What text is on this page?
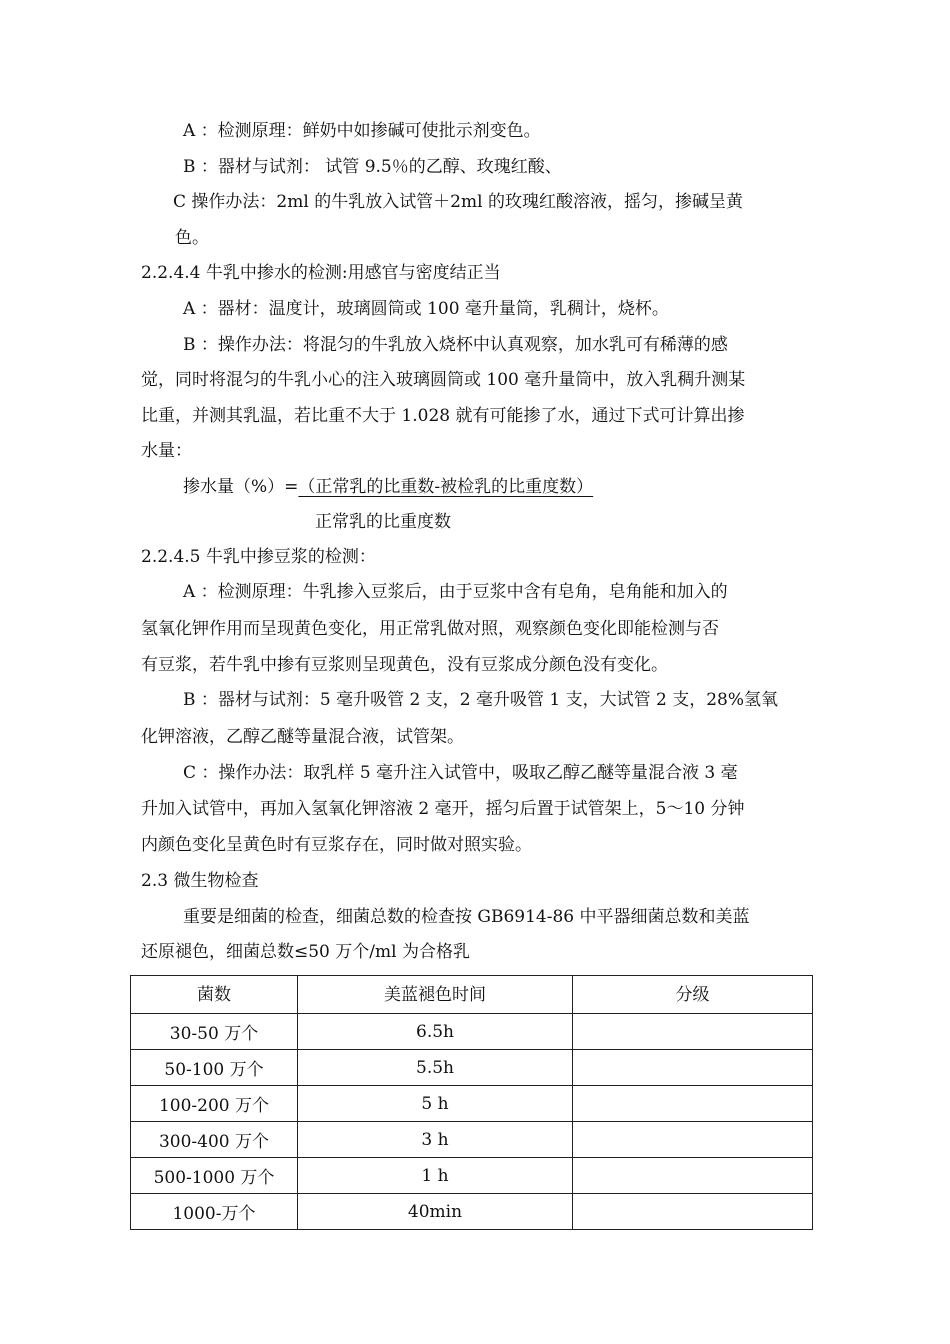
A ：检测原理：鲜奶中如掺碱可使批示剂变色。
B ：器材与试剂： 试管 9.5％的乙醇、玫瑰红酸、
C 操作办法：2ml 的牛乳放入试管＋2ml 的玫瑰红酸溶液，摇匀，掺碱呈黄
色。
2.2.4.4 牛乳中掺水的检测:用感官与密度结正当
A ：器材：温度计，玻璃圆筒或 100 毫升量筒，乳稠计，烧杯。
B ：操作办法：将混匀的牛乳放入烧杯中认真观察，加水乳可有稀薄的感
觉，同时将混匀的牛乳小心的注入玻璃圆筒或 100 毫升量筒中，放入乳稠升测某
比重，并测其乳温，若比重不大于 1.028 就有可能掺了水，通过下式可计算出掺
水量：
掺水量（%）=（正常乳的比重数-被检乳的比重度数）
正常乳的比重度数
2.2.4.5 牛乳中掺豆浆的检测：
A ：检测原理：牛乳掺入豆浆后，由于豆浆中含有皂角，皂角能和加入的
氢氧化钾作用而呈现黄色变化，用正常乳做对照，观察颜色变化即能检测与否
有豆浆，若牛乳中掺有豆浆则呈现黄色，没有豆浆成分颜色没有变化。
B ：器材与试剂：5 毫升吸管 2 支，2 毫升吸管 1 支，大试管 2 支，28%氢氧
化钾溶液，乙醇乙醚等量混合液，试管架。
C ：操作办法：取乳样 5 毫升注入试管中，吸取乙醇乙醚等量混合液 3 毫
升加入试管中，再加入氢氧化钾溶液 2 毫开，摇匀后置于试管架上，5～10 分钟
内颜色变化呈黄色时有豆浆存在，同时做对照实验。
2.3 微生物检查
重要是细菌的检查，细菌总数的检查按 GB6914-86 中平器细菌总数和美蓝
还原褪色，细菌总数≤50 万个/ml 为合格乳
菌数	美蓝褪色时间	分级
30-50 万个	6.5h	
50-100 万个	5.5h	
100-200 万个	5 h	
300-400 万个	3 h	
500-1000 万个	1 h	
1000-万个	40min	
